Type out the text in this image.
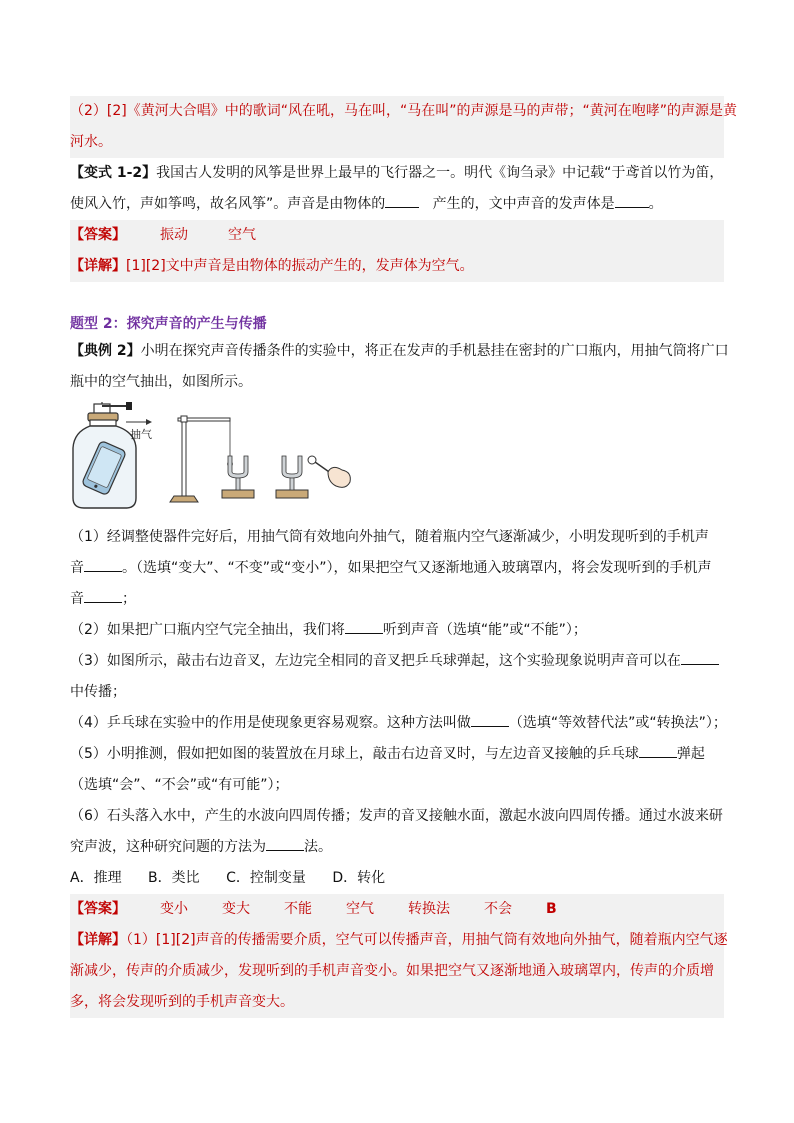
（2）[2]《黄河大合唱》中的歌词“风在吼，马在叫，“马在叫”的声源是马的声带；“黄河在咆哮”的声源是黄
河水。
【变式 1-2】我国古人发明的风筝是世界上最早的飞行器之一。明代《询刍录》中记载“于鸢首以竹为笛，
使风入竹，声如筝鸣，故名风筝”。声音是由物体的	产生的，文中声音的发声体是 。
【答案】 振动	空气
【详解】[1][2]文中声音是由物体的振动产生的，发声体为空气。
题型 2：探究声音的产生与传播
【典例 2】小明在探究声音传播条件的实验中，将正在发声的手机悬挂在密封的广口瓶内，用抽气筒将广口
瓶中的空气抽出，如图所示。
抽气
（1）经调整使器件完好后，用抽气筒有效地向外抽气，随着瓶内空气逐渐减少，小明发现听到的手机声
音	。（选填“变大”、“不变”或“变小”），如果把空气又逐渐地通入玻璃罩内，将会发现听到的手机声
音	；
（2）如果把广口瓶内空气完全抽出，我们将	听到声音（选填“能”或“不能”）；
（3）如图所示，敲击右边音叉，左边完全相同的音叉把乒乓球弹起，这个实验现象说明声音可以在
中传播；
（4）乒乓球在实验中的作用是使现象更容易观察。这种方法叫做	（选填“等效替代法”或“转换法”）；
（5）小明推测，假如把如图的装置放在月球上，敲击右边音叉时，与左边音叉接触的乒乓球	弹起
（选填“会”、“不会”或“有可能”）；
（6）石头落入水中，产生的水波向四周传播；发声的音叉接触水面，激起水波向四周传播。通过水波来研
究声波，这种研究问题的方法为	法。
A．推理 B．类比 C．控制变量 D．转化
【答案】 变小 变大 不能 空气 转换法 不会 B
【详解】（1）[1][2]声音的传播需要介质，空气可以传播声音，用抽气筒有效地向外抽气，随着瓶内空气逐
渐减少，传声的介质减少，发现听到的手机声音变小。如果把空气又逐渐地通入玻璃罩内，传声的介质增
多，将会发现听到的手机声音变大。
